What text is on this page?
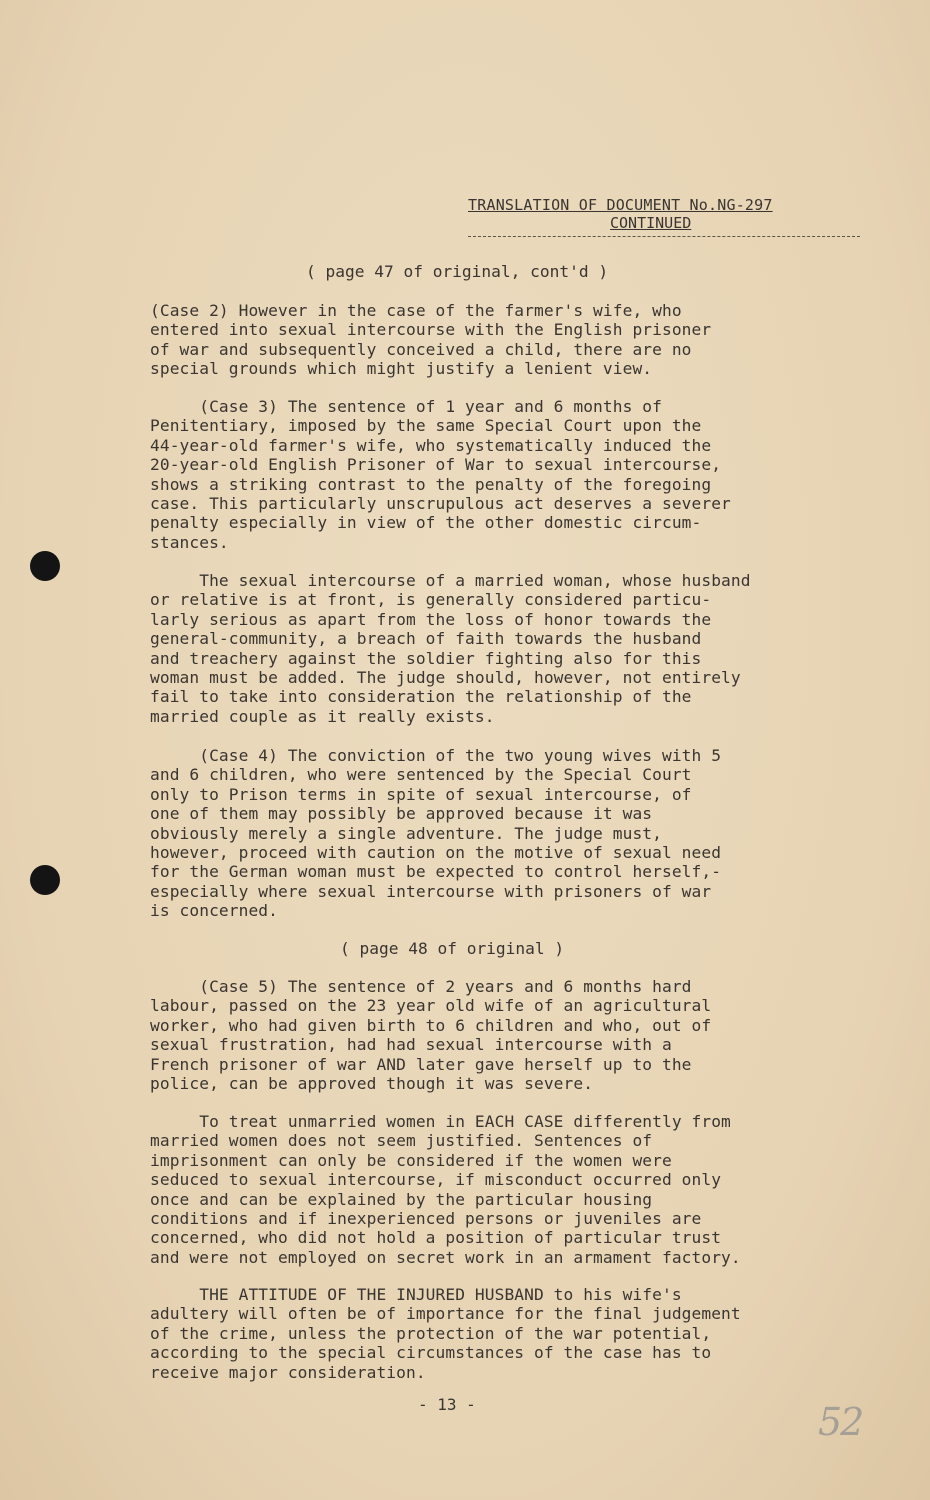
TRANSLATION OF DOCUMENT No.NG-297
CONTINUED
( page 47 of original, cont'd )
(Case 2) However in the case of the farmer's wife, who
entered into sexual intercourse with the English prisoner
of war and subsequently conceived a child, there are no
special grounds which might justify a lenient view.
(Case 3) The sentence of 1 year and 6 months of
Penitentiary, imposed by the same Special Court upon the
44-year-old farmer's wife, who systematically induced the
20-year-old English Prisoner of War to sexual intercourse,
shows a striking contrast to the penalty of the foregoing
case. This particularly unscrupulous act deserves a severer
penalty especially in view of the other domestic circum-
stances.
The sexual intercourse of a married woman, whose husband
or relative is at front, is generally considered particu-
larly serious as apart from the loss of honor towards the
general-community, a breach of faith towards the husband
and treachery against the soldier fighting also for this
woman must be added. The judge should, however, not entirely
fail to take into consideration the relationship of the
married couple as it really exists.
(Case 4) The conviction of the two young wives with 5
and 6 children, who were sentenced by the Special Court
only to Prison terms in spite of sexual intercourse, of
one of them may possibly be approved because it was
obviously merely a single adventure. The judge must,
however, proceed with caution on the motive of sexual need
for the German woman must be expected to control herself,-
especially where sexual intercourse with prisoners of war
is concerned.
( page 48 of original )
(Case 5) The sentence of 2 years and 6 months hard
labour, passed on the 23 year old wife of an agricultural
worker, who had given birth to 6 children and who, out of
sexual frustration, had had sexual intercourse with a
French prisoner of war AND later gave herself up to the
police, can be approved though it was severe.
To treat unmarried women in EACH CASE differently from
married women does not seem justified. Sentences of
imprisonment can only be considered if the women were
seduced to sexual intercourse, if misconduct occurred only
once and can be explained by the particular housing
conditions and if inexperienced persons or juveniles are
concerned, who did not hold a position of particular trust
and were not employed on secret work in an armament factory.
THE ATTITUDE OF THE INJURED HUSBAND to his wife's
adultery will often be of importance for the final judgement
of the crime, unless the protection of the war potential,
according to the special circumstances of the case has to
receive major consideration.
- 13 -	52
